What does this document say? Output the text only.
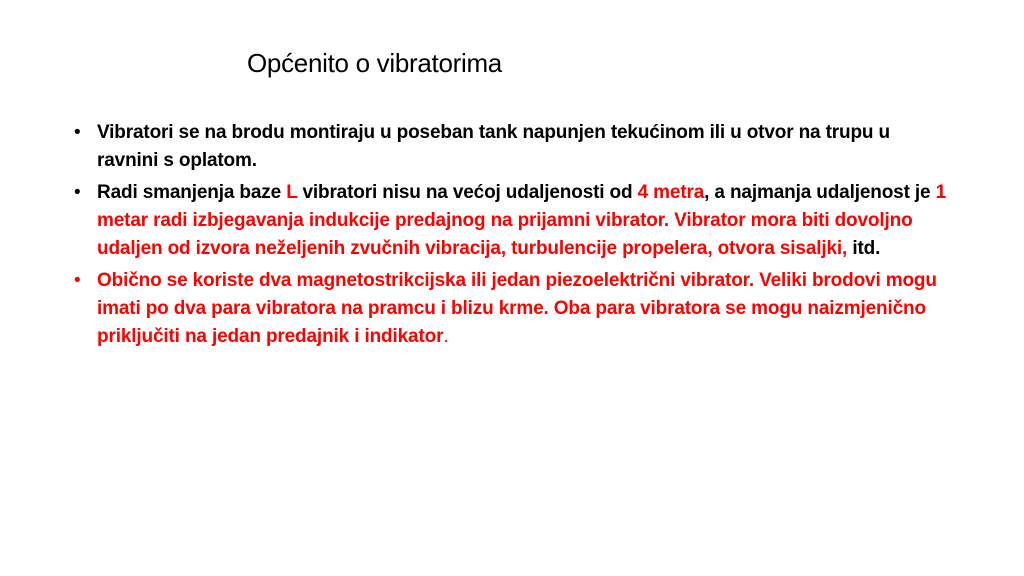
Općenito o vibratorima
• Vibratori se na brodu montiraju u poseban tank napunjen tekućinom ili u otvor na trupu u ravnini s oplatom.
• Radi smanjenja baze L vibratori nisu na većoj udaljenosti od 4 metra, a najmanja udaljenost je 1 metar radi izbjegavanja indukcije predajnog na prijamni vibrator. Vibrator mora biti dovoljno udaljen od izvora neželjenih zvučnih vibracija, turbulencije propelera, otvora sisaljki, itd.
• Obično se koriste dva magnetostrikcijska ili jedan piezoelektrični vibrator. Veliki brodovi mogu imati po dva para vibratora na pramcu i blizu krme. Oba para vibratora se mogu naizmjenično priključiti na jedan predajnik i indikator.
